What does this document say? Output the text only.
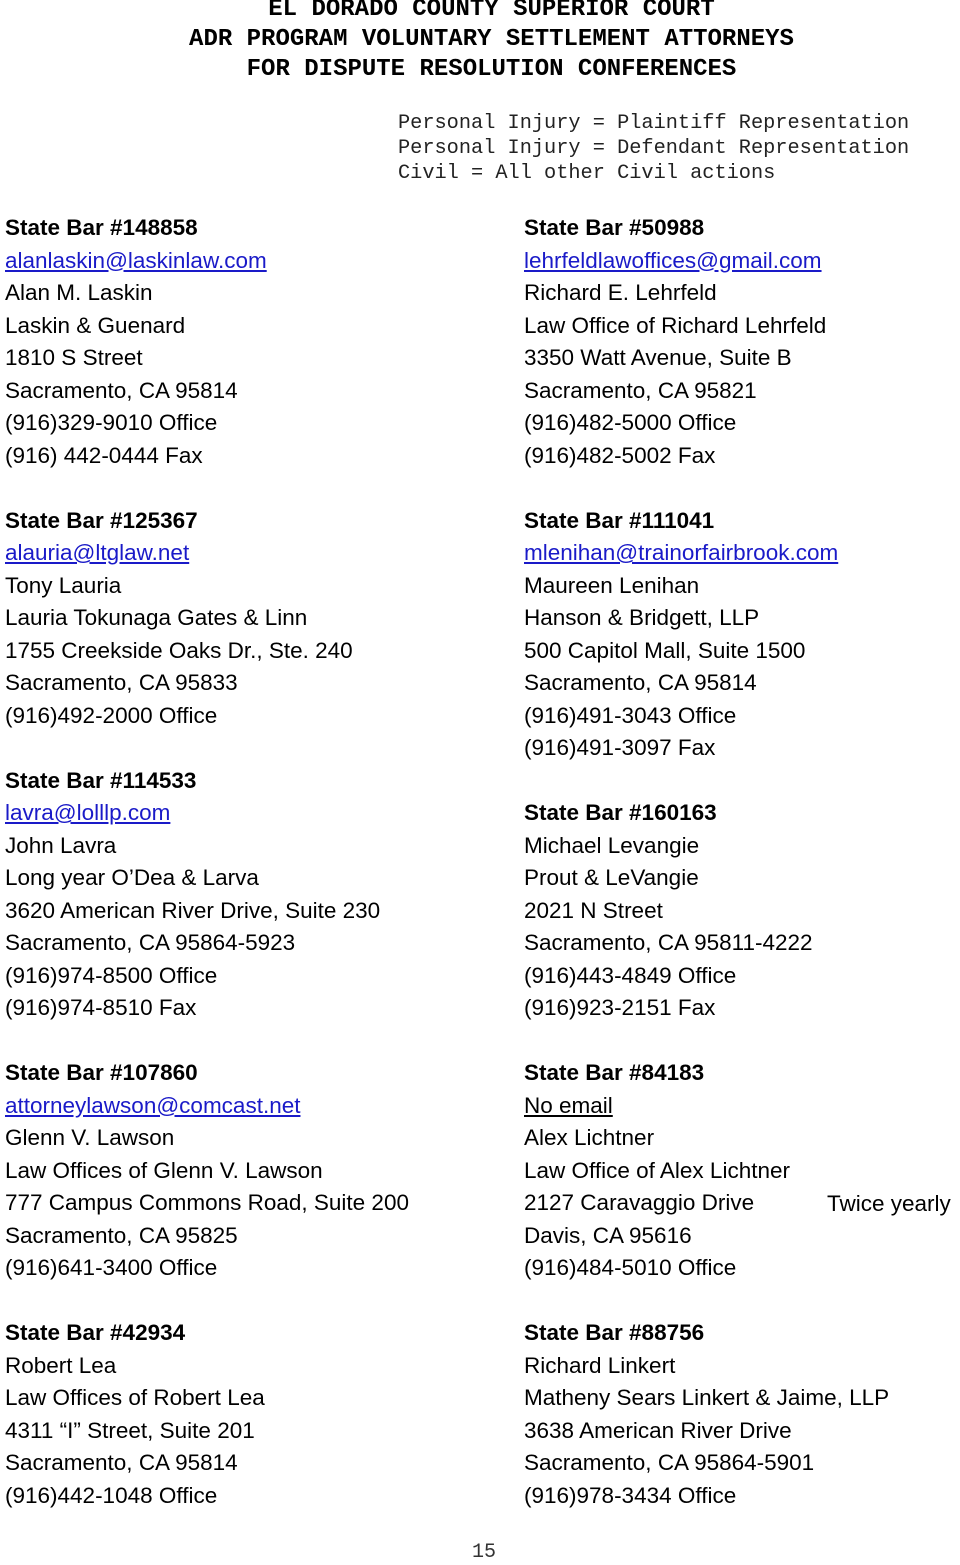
EL DORADO COUNTY SUPERIOR COURT
ADR PROGRAM VOLUNTARY SETTLEMENT ATTORNEYS
FOR DISPUTE RESOLUTION CONFERENCES
Personal Injury = Plaintiff Representation
Personal Injury = Defendant Representation
Civil = All other Civil actions
State Bar #148858
alanlaskin@laskinlaw.com
Alan M. Laskin
Laskin & Guenard
1810 S Street
Sacramento, CA 95814
(916)329-9010 Office
(916) 442-0444 Fax
State Bar #125367
alauria@ltglaw.net
Tony Lauria
Lauria Tokunaga Gates & Linn
1755 Creekside Oaks Dr., Ste. 240
Sacramento, CA 95833
(916)492-2000 Office
State Bar #114533
lavra@lolllp.com
John Lavra
Long year O’Dea & Larva
3620 American River Drive, Suite 230
Sacramento, CA 95864-5923
(916)974-8500 Office
(916)974-8510 Fax
State Bar #107860
attorneylawson@comcast.net
Glenn V. Lawson
Law Offices of Glenn V. Lawson
777 Campus Commons Road, Suite 200
Sacramento, CA 95825
(916)641-3400 Office
State Bar #42934
Robert Lea
Law Offices of Robert Lea
4311 “I” Street, Suite 201
Sacramento, CA 95814
(916)442-1048 Office
State Bar #50988
lehrfeldlawoffices@gmail.com
Richard E. Lehrfeld
Law Office of Richard Lehrfeld
3350 Watt Avenue, Suite B
Sacramento, CA 95821
(916)482-5000 Office
(916)482-5002 Fax
State Bar #111041
mlenihan@trainorfairbrook.com
Maureen Lenihan
Hanson & Bridgett, LLP
500 Capitol Mall, Suite 1500
Sacramento, CA 95814
(916)491-3043 Office
(916)491-3097 Fax
State Bar #160163
Michael Levangie
Prout & LeVangie
2021 N Street
Sacramento, CA 95811-4222
(916)443-4849 Office
(916)923-2151 Fax
State Bar #84183
No email
Alex Lichtner
Law Office of Alex Lichtner
2127 Caravaggio Drive
Davis, CA 95616
(916)484-5010 Office
State Bar #88756
Richard Linkert
Matheny Sears Linkert & Jaime, LLP
3638 American River Drive
Sacramento, CA 95864-5901
(916)978-3434 Office
Twice yearly
15
